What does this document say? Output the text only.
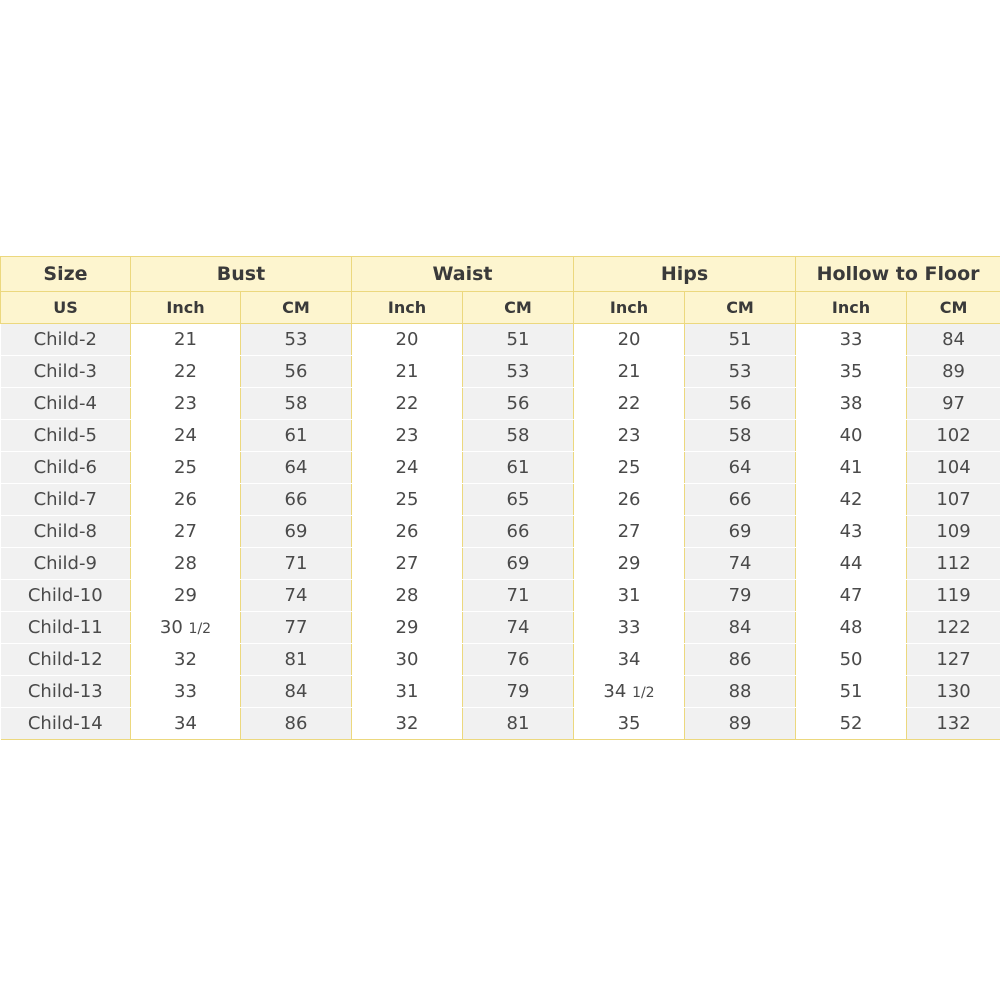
Size	Bust		Waist		Hips		Hollow to Floor	
US	Inch	CM	Inch	CM	Inch	CM	Inch	CM
Child-2	21	53	20	51	20	51	33	84
Child-3	22	56	21	53	21	53	35	89
Child-4	23	58	22	56	22	56	38	97
Child-5	24	61	23	58	23	58	40	102
Child-6	25	64	24	61	25	64	41	104
Child-7	26	66	25	65	26	66	42	107
Child-8	27	69	26	66	27	69	43	109
Child-9	28	71	27	69	29	74	44	112
Child-10	29	74	28	71	31	79	47	119
Child-11	30 1/2	77	29	74	33	84	48	122
Child-12	32	81	30	76	34	86	50	127
Child-13	33	84	31	79	34 1/2	88	51	130
Child-14	34	86	32	81	35	89	52	132
